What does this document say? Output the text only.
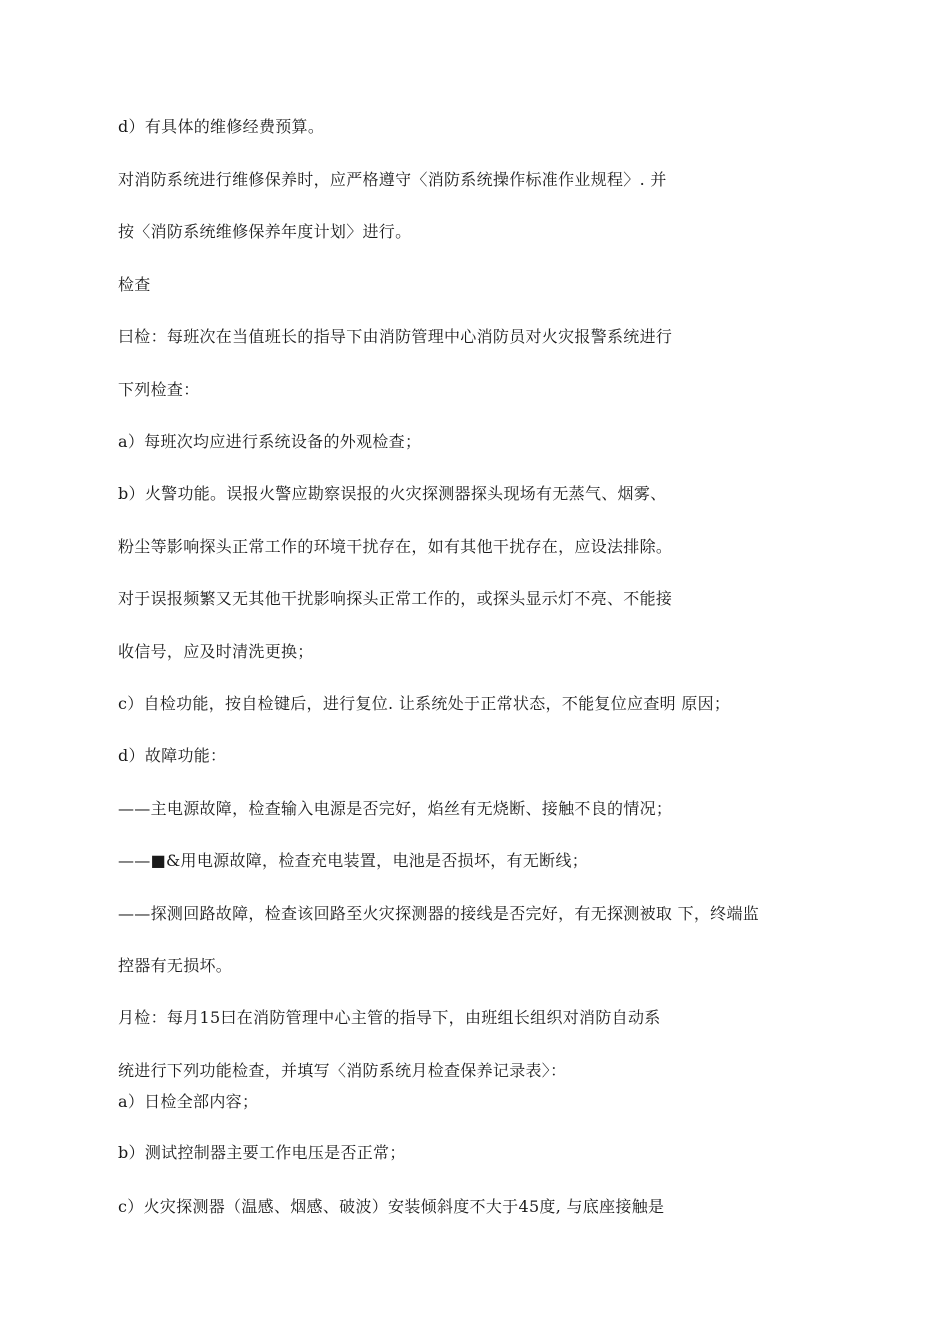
d）有具体的维修经费预算。
对消防系统进行维修保养时，应严格遵守〈消防系统操作标准作业规程〉. 并
按〈消防系统维修保养年度计划〉进行。
检查
曰检：每班次在当值班长的指导下由消防管理中心消防员对火灾报警系统进行
下列检查：
a）每班次均应进行系统设备的外观检查；
b）火警功能。误报火警应勘察误报的火灾探测器探头现场有无蒸气、烟雾、
粉尘等影响探头正常工作的环境干扰存在，如有其他干扰存在，应设法排除。
对于误报频繁又无其他干扰影响探头正常工作的，或探头显示灯不亮、不能接
收信号，应及时清洗更换；
c）自检功能，按自检键后，进行复位. 让系统处于正常状态，不能复位应查明 原因；
d）故障功能：
——主电源故障，检查输入电源是否完好，焰丝有无烧断、接触不良的情况；
——■&用电源故障，检查充电装置，电池是否损坏，有无断线；
——探测回路故障，检查该回路至火灾探测器的接线是否完好，有无探测被取 下，终端监
控器有无损坏。
月检：每月15曰在消防管理中心主管的指导下，由班组长组织对消防自动系
统进行下列功能检查，并填写〈消防系统月检查保养记录表〉：
a）日检全部内容；
b）测试控制器主要工作电压是否正常；
c）火灾探测器（温感、烟感、破波）安装倾斜度不大于45度, 与底座接触是
